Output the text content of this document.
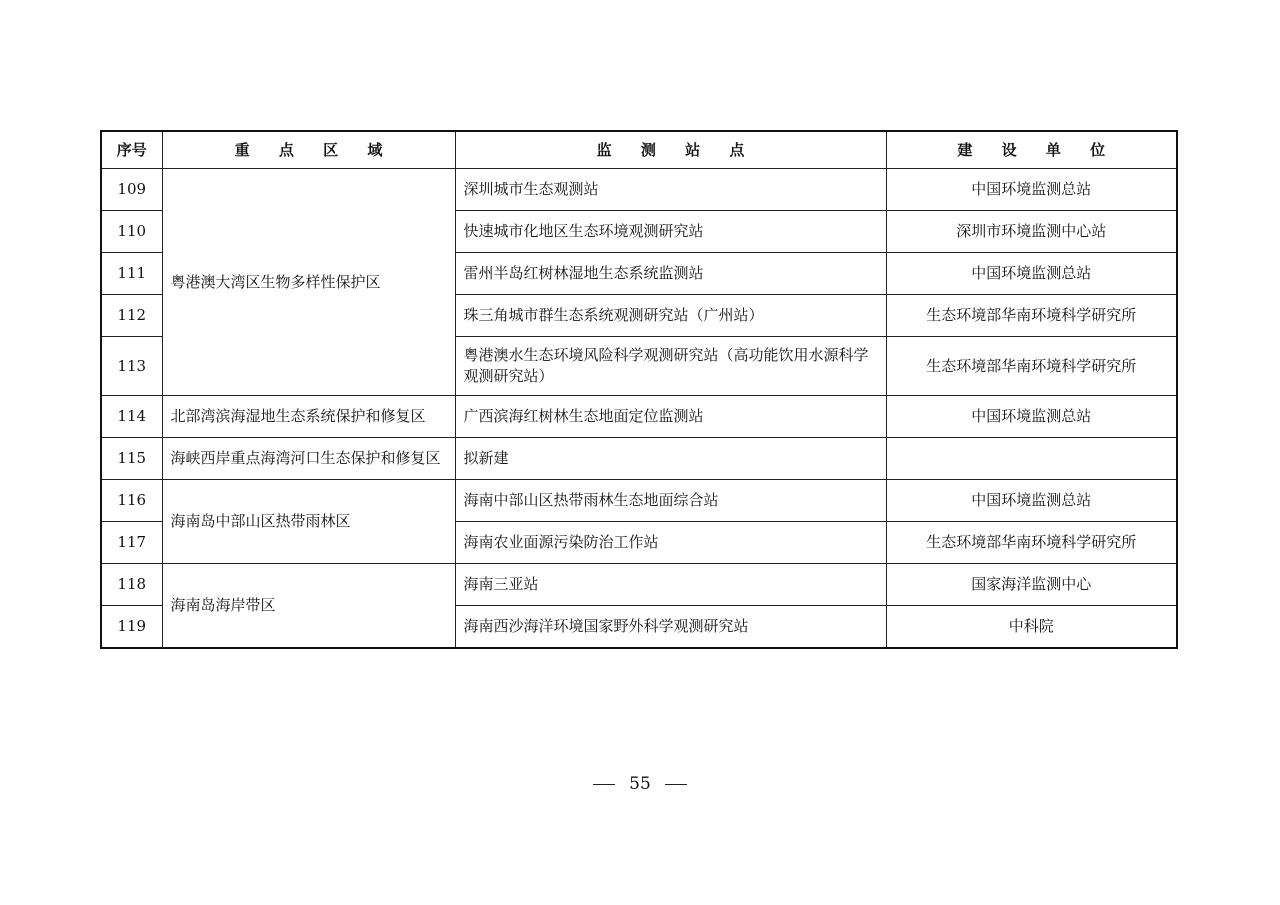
序号	重 点 区 域	监 测 站 点	建 设 单 位
109	粤港澳大湾区生物多样性保护区	深圳城市生态观测站	中国环境监测总站
110		快速城市化地区生态环境观测研究站	深圳市环境监测中心站
111		雷州半岛红树林湿地生态系统监测站	中国环境监测总站
112		珠三角城市群生态系统观测研究站（广州站）	生态环境部华南环境科学研究所
113		粤港澳水生态环境风险科学观测研究站（高功能饮用水源科学观测研究站）	生态环境部华南环境科学研究所
114	北部湾滨海湿地生态系统保护和修复区	广西滨海红树林生态地面定位监测站	中国环境监测总站
115	海峡西岸重点海湾河口生态保护和修复区	拟新建	
116	海南岛中部山区热带雨林区	海南中部山区热带雨林生态地面综合站	中国环境监测总站
117		海南农业面源污染防治工作站	生态环境部华南环境科学研究所
118	海南岛海岸带区	海南三亚站	国家海洋监测中心
119		海南西沙海洋环境国家野外科学观测研究站	中科院
55
